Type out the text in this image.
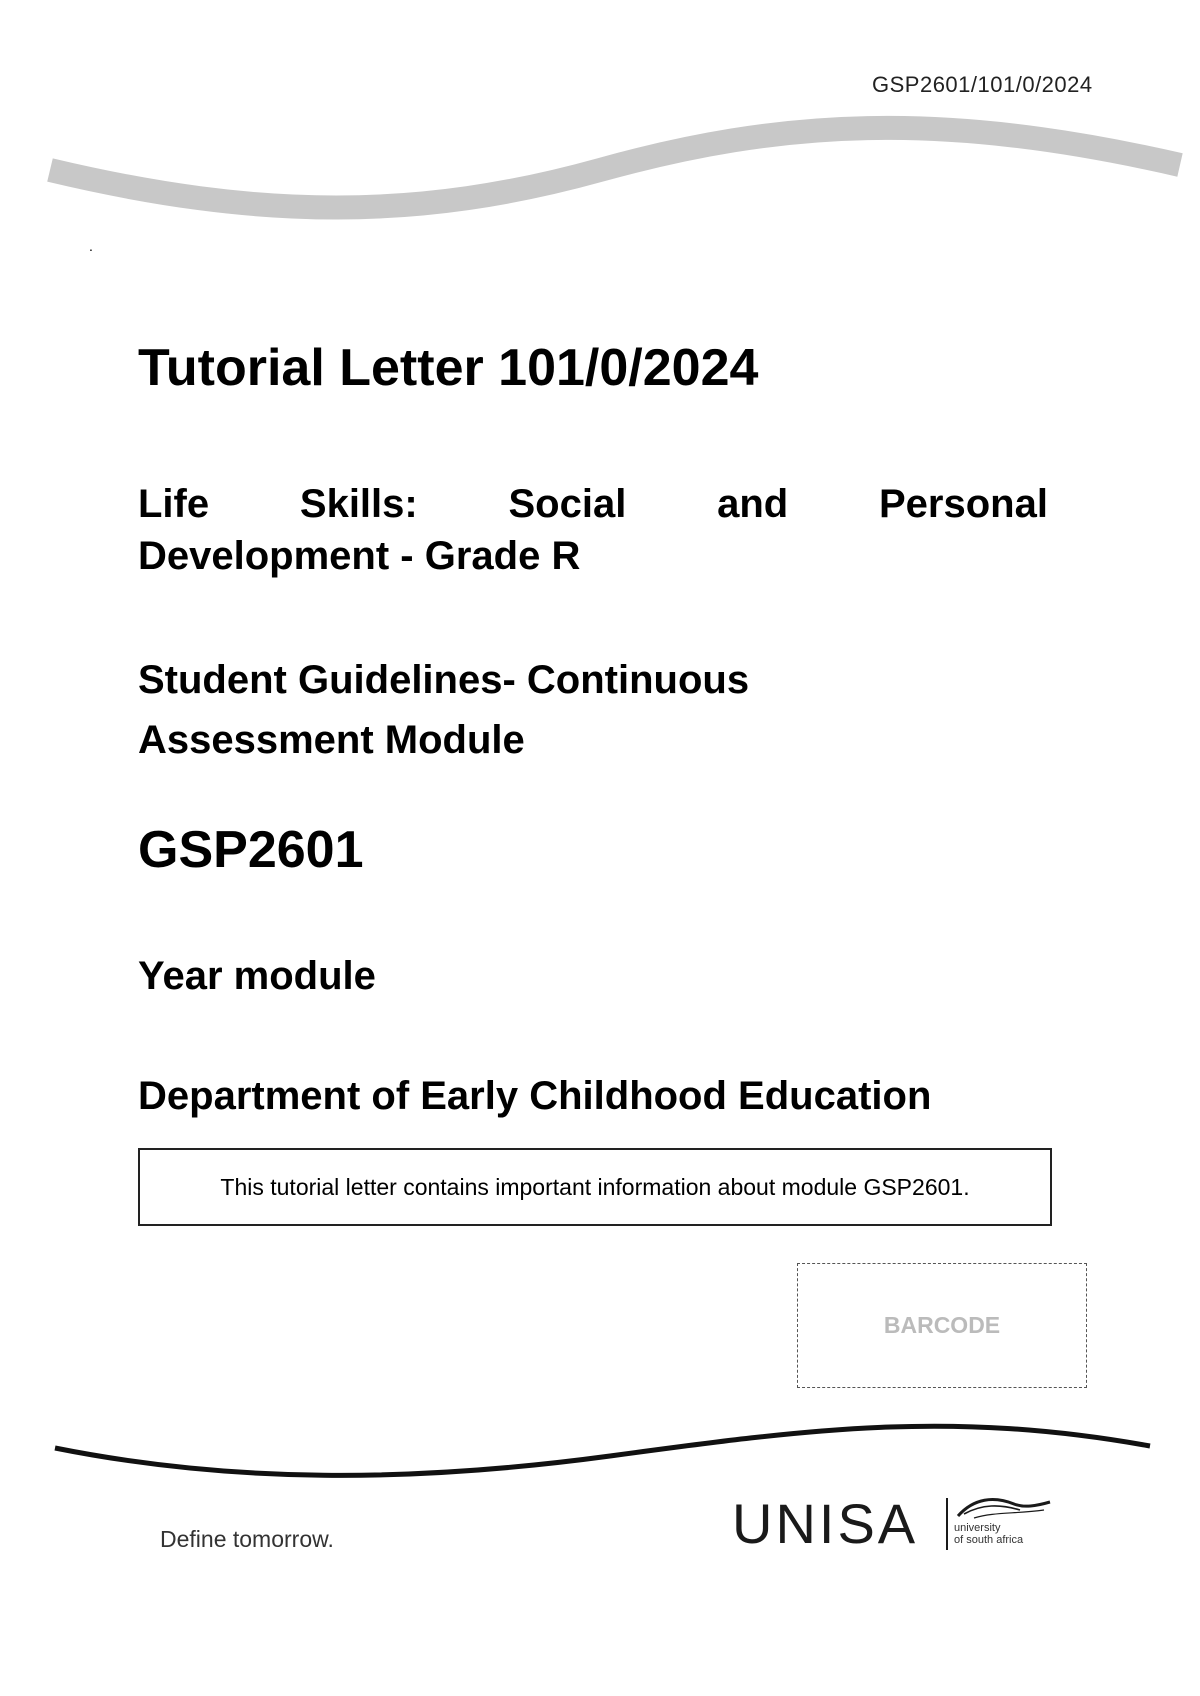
GSP2601/101/0/2024
.
Tutorial Letter 101/0/2024
Life Skills: Social and Personal
Development - Grade R
Student Guidelines- Continuous
Assessment Module
GSP2601
Year module
Department of Early Childhood Education
This tutorial letter contains important information about module GSP2601.
BARCODE
Define tomorrow.	UNISA	university
of south africa
